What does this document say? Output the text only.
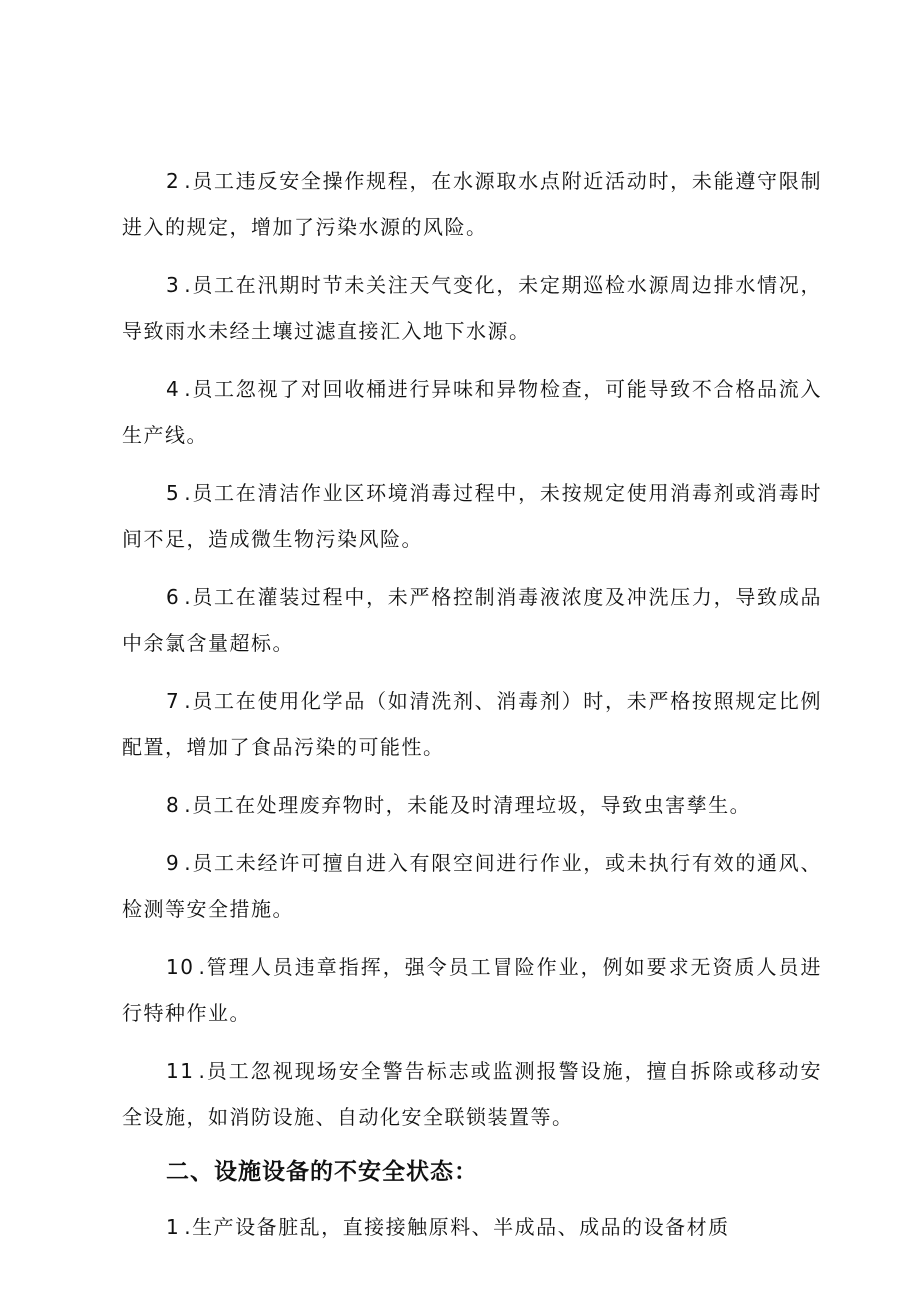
2 .员工违反安全操作规程，在水源取水点附近活动时，未能遵守限制进入的规定，增加了污染水源的风险。

3 .员工在汛期时节未关注天气变化，未定期巡检水源周边排水情况，导致雨水未经土壤过滤直接汇入地下水源。

4 .员工忽视了对回收桶进行异味和异物检查，可能导致不合格品流入生产线。

5 .员工在清洁作业区环境消毒过程中，未按规定使用消毒剂或消毒时间不足，造成微生物污染风险。

6 .员工在灌装过程中，未严格控制消毒液浓度及冲洗压力，导致成品中余氯含量超标。

7 .员工在使用化学品（如清洗剂、消毒剂）时，未严格按照规定比例配置，增加了食品污染的可能性。

8 .员工在处理废弃物时，未能及时清理垃圾，导致虫害孳生。

9 .员工未经许可擅自进入有限空间进行作业，或未执行有效的通风、检测等安全措施。

10 .管理人员违章指挥，强令员工冒险作业，例如要求无资质人员进行特种作业。

11 .员工忽视现场安全警告标志或监测报警设施，擅自拆除或移动安全设施，如消防设施、自动化安全联锁装置等。

二、设施设备的不安全状态：

1 .生产设备脏乱，直接接触原料、半成品、成品的设备材质
